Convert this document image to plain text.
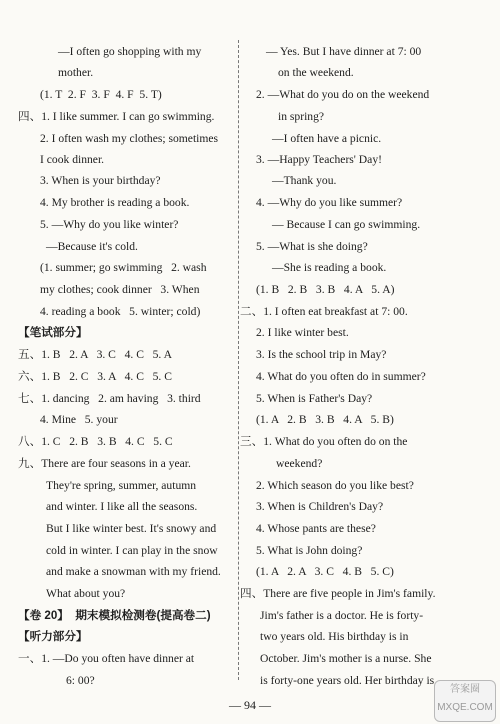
—I often go shopping with my

mother.

(1. T  2. F  3. F  4. F  5. T)

四、1. I like summer. I can go swimming.

2. I often wash my clothes; sometimes

I cook dinner.

3. When is your birthday?

4. My brother is reading a book.

5. —Why do you like winter?

—Because it's cold.

(1. summer; go swimming   2. wash

my clothes; cook dinner   3. When

4. reading a book   5. winter; cold)

【笔试部分】

五、1. B   2. A   3. C   4. C   5. A

六、1. B   2. C   3. A   4. C   5. C

七、1. dancing   2. am having   3. third

4. Mine   5. your

八、1. C   2. B   3. B   4. C   5. C

九、There are four seasons in a year.

They're spring, summer, autumn

and winter. I like all the seasons.

But I like winter best. It's snowy and

cold in winter. I can play in the snow

and make a snowman with my friend.

What about you?

【卷 20】  期末模拟检测卷(提高卷二)

【听力部分】

一、1. —Do you often have dinner at

6: 00?

— Yes. But I have dinner at 7: 00

on the weekend.

2. —What do you do on the weekend

in spring?

—I often have a picnic.

3. —Happy Teachers' Day!

—Thank you.

4. —Why do you like summer?

— Because I can go swimming.

5. —What is she doing?

—She is reading a book.

(1. B   2. B   3. B   4. A   5. A)

二、1. I often eat breakfast at 7: 00.

2. I like winter best.

3. Is the school trip in May?

4. What do you often do in summer?

5. When is Father's Day?

(1. A   2. B   3. B   4. A   5. B)

三、1. What do you often do on the

weekend?

2. Which season do you like best?

3. When is Children's Day?

4. Whose pants are these?

5. What is John doing?

(1. A   2. A   3. C   4. B   5. C)

四、There are five people in Jim's family.

Jim's father is a doctor. He is forty-

two years old. His birthday is in

October. Jim's mother is a nurse. She

is forty-one years old. Her birthday is

— 94 —
答案圈
MXQE.COM
